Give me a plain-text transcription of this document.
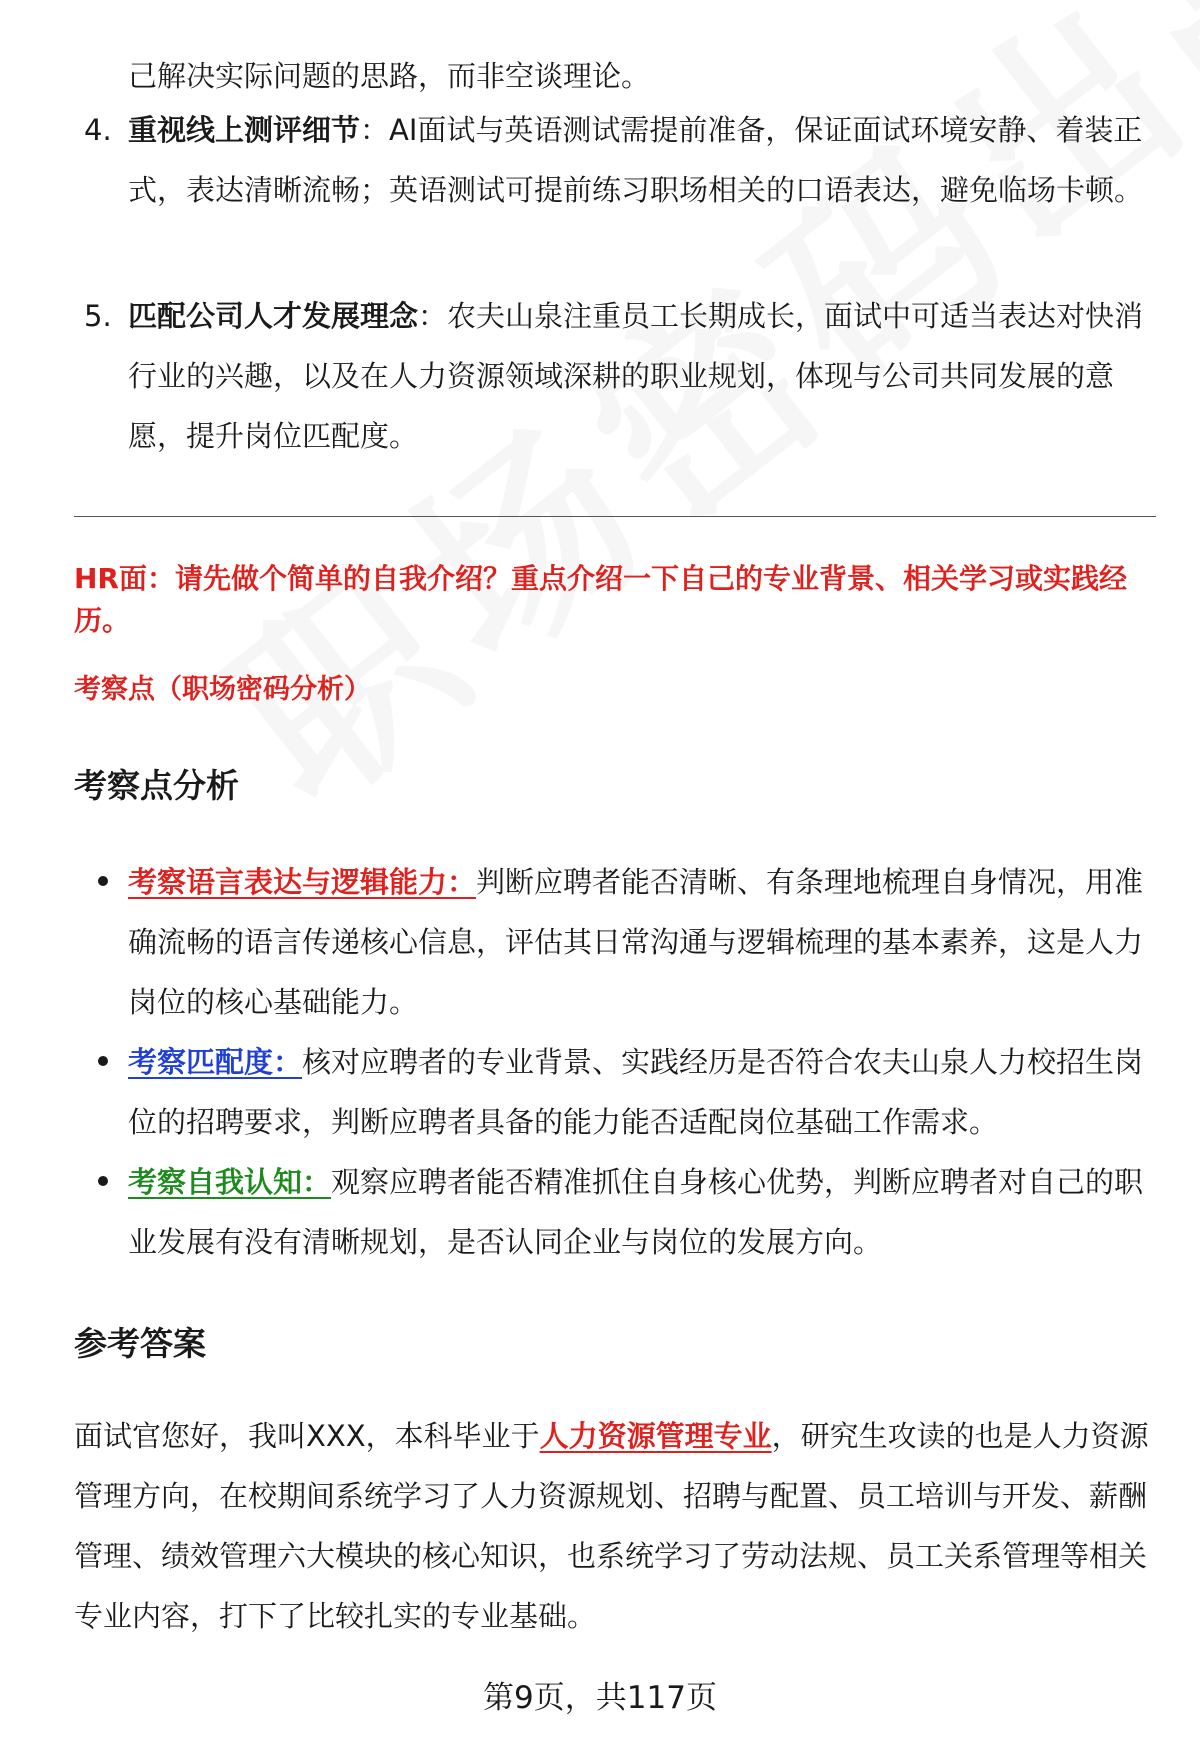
己解决实际问题的思路，而非空谈理论。
4. 重视线上测评细节：AI面试与英语测试需提前准备，保证面试环境安静、着装正式，表达清晰流畅；英语测试可提前练习职场相关的口语表达，避免临场卡顿。
5. 匹配公司人才发展理念：农夫山泉注重员工长期成长，面试中可适当表达对快消行业的兴趣，以及在人力资源领域深耕的职业规划，体现与公司共同发展的意愿，提升岗位匹配度。
HR面：请先做个简单的自我介绍？重点介绍一下自己的专业背景、相关学习或实践经历。
考察点（职场密码分析）
考察点分析
考察语言表达与逻辑能力：判断应聘者能否清晰、有条理地梳理自身情况，用准确流畅的语言传递核心信息，评估其日常沟通与逻辑梳理的基本素养，这是人力岗位的核心基础能力。
考察匹配度：核对应聘者的专业背景、实践经历是否符合农夫山泉人力校招生岗位的招聘要求，判断应聘者具备的能力能否适配岗位基础工作需求。
考察自我认知：观察应聘者能否精准抓住自身核心优势，判断应聘者对自己的职业发展有没有清晰规划，是否认同企业与岗位的发展方向。
参考答案
面试官您好，我叫XXX，本科毕业于人力资源管理专业，研究生攻读的也是人力资源管理方向，在校期间系统学习了人力资源规划、招聘与配置、员工培训与开发、薪酬管理、绩效管理六大模块的核心知识，也系统学习了劳动法规、员工关系管理等相关专业内容，打下了比较扎实的专业基础。
第9页，共117页
